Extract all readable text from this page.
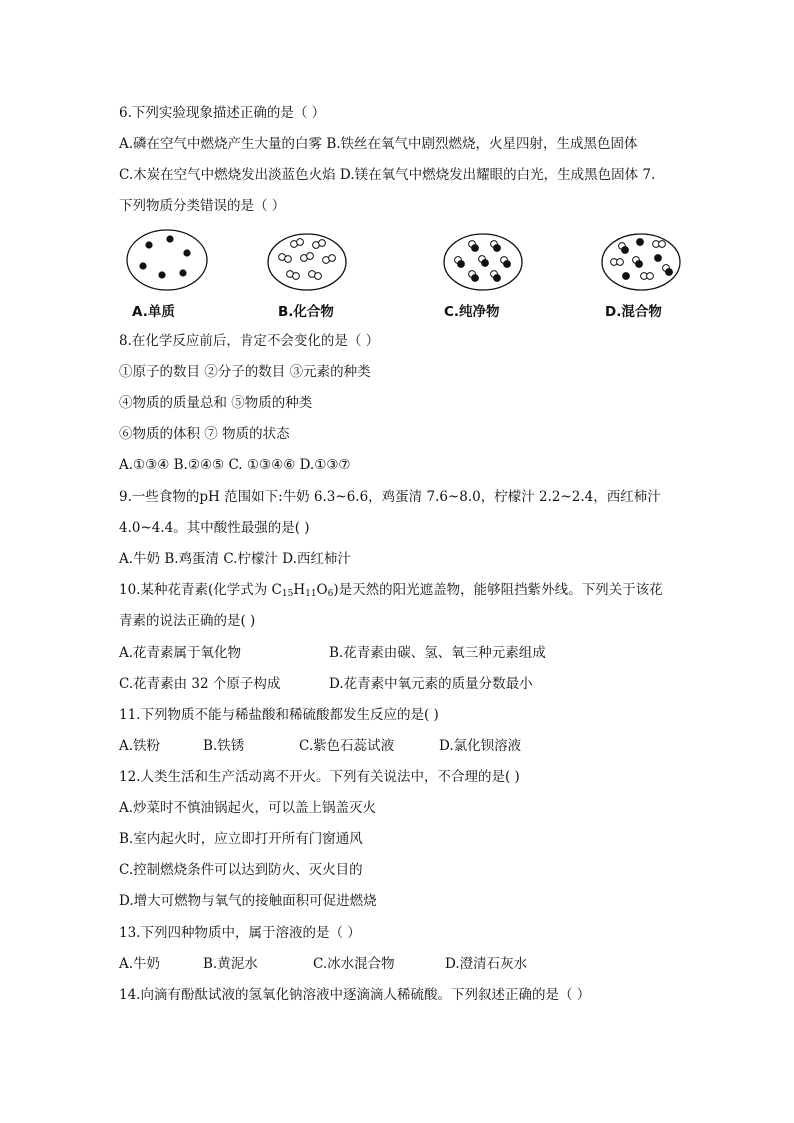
6.下列实验现象描述正确的是（ ）
A.磷在空气中燃烧产生大量的白雾 B.铁丝在氧气中剧烈燃烧，火星四射，生成黑色固体
C.木炭在空气中燃烧发出淡蓝色火焰 D.镁在氧气中燃烧发出耀眼的白光，生成黑色固体 7.
下列物质分类错误的是（ ）
A.单质	B.化合物	C.纯净物	D.混合物
8.在化学反应前后，肯定不会变化的是（ ）
①原子的数目 ②分子的数目 ③元素的种类
④物质的质量总和 ⑤物质的种类
⑥物质的体积 ⑦ 物质的状态
A.①③④ B.②④⑤ C. ①③④⑥ D.①③⑦
9.一些食物的pH 范围如下:牛奶 6.3~6.6，鸡蛋清 7.6~8.0，柠檬汁 2.2~2.4，西红柿汁
4.0~4.4。其中酸性最强的是( )
A.牛奶 B.鸡蛋清 C.柠檬汁 D.西红柿汁
10.某种花青素(化学式为 $C_{15}H_{11}O_6$)是天然的阳光遮盖物，能够阻挡紫外线。下列关于该花
青素的说法正确的是( )
A.花青素属于氧化物	B.花青素由碳、氢、氧三种元素组成
C.花青素由 32 个原子构成	D.花青素中氧元素的质量分数最小
11.下列物质不能与稀盐酸和稀硫酸都发生反应的是( )
A.铁粉	B.铁锈	C.紫色石蕊试液	D.氯化钡溶液
12.人类生活和生产活动离不开火。下列有关说法中，不合理的是( )
A.炒菜时不慎油锅起火，可以盖上锅盖灭火
B.室内起火时，应立即打开所有门窗通风
C.控制燃烧条件可以达到防火、灭火目的
D.增大可燃物与氧气的接触面积可促进燃烧
13.下列四种物质中，属于溶液的是（ ）
A.牛奶	B.黄泥水	C.冰水混合物	D.澄清石灰水
14.向滴有酚酞试液的氢氧化钠溶液中逐滴滴人稀硫酸。下列叙述正确的是（ ）
